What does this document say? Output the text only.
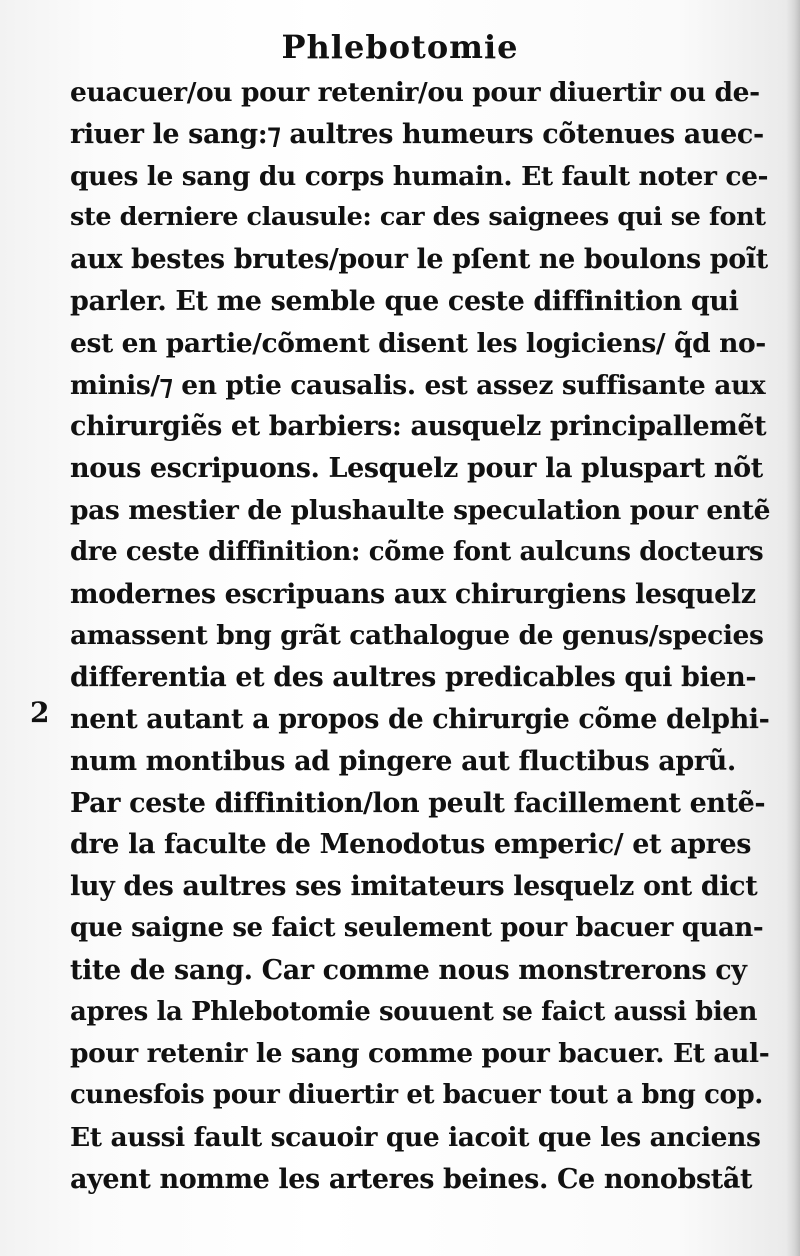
Phlebotomie
2
euacuer/ou pour retenir/ou pour diuertir ou de-
riuer le sang:⁊ aultres humeurs cõtenues auec-
ques le sang du corps humain. Et fault noter ce-
ste derniere clausule: car des saignees qui se font
aux bestes brutes/pour le pſent ne boulons poĩt
parler. Et me semble que ceste diffinition qui
est en partie/cõment disent les logiciens/ q̃d no-
minis/⁊ en ptie causalis. est assez suffisante aux
chirurgiẽs et barbiers: ausquelz principallemẽt
nous escripuons. Lesquelz pour la pluspart nõt
pas mestier de plushaulte speculation pour entẽ
dre ceste diffinition: cõme font aulcuns docteurs
modernes escripuans aux chirurgiens lesquelz
amassent bng grãt cathalogue de genus/species
differentia et des aultres predicables qui bien-
nent autant a propos de chirurgie cõme delphi-
num montibus ad pingere aut fluctibus aprũ.
Par ceste diffinition/lon peult facillement entẽ-
dre la faculte de Menodotus emperic/ et apres
luy des aultres ses imitateurs lesquelz ont dict
que saigne se faict seulement pour bacuer quan-
tite de sang. Car comme nous monstrerons cy
apres la Phlebotomie souuent se faict aussi bien
pour retenir le sang comme pour bacuer. Et aul-
cunesfois pour diuertir et bacuer tout a bng cop.
Et aussi fault scauoir que iacoit que les anciens
ayent nomme les arteres beines. Ce nonobstãt
